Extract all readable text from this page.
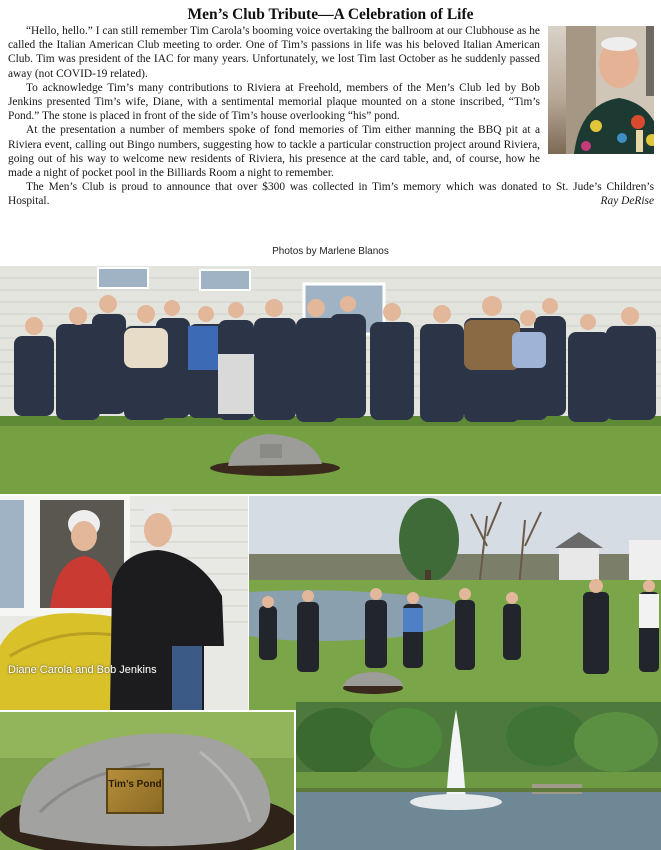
Men’s Club Tribute—A Celebration of Life

“Hello, hello.” I can still remember Tim Carola’s booming voice overtaking the ballroom at our Clubhouse as he called the Italian American Club meeting to order. One of Tim’s passions in life was his beloved Italian American Club. Tim was president of the IAC for many years. Unfortunately, we lost Tim last October as he suddenly passed away (not COVID-19 related).

To acknowledge Tim’s many contributions to Riviera at Freehold, members of the Men’s Club led by Bob Jenkins presented Tim’s wife, Diane, with a sentimental memorial plaque mounted on a stone inscribed, “Tim’s Pond.” The stone is placed in front of the side of Tim’s house overlooking “his” pond.

At the presentation a number of members spoke of fond memories of Tim either manning the BBQ pit at a Riviera event, calling out Bingo numbers, suggesting how to tackle a particular construction project around Riviera, going out of his way to welcome new residents of Riviera, his presence at the card table, and, of course, how he made a night of pocket pool in the Billiards Room a night to remember.

The Men’s Club is proud to announce that over $300 was collected in Tim’s memory which was donated to St. Jude’s Children’s Hospital.	Ray DeRise

Photos by Marlene Blanos
Diane Carola and Bob Jenkins
Tim’s Pond
